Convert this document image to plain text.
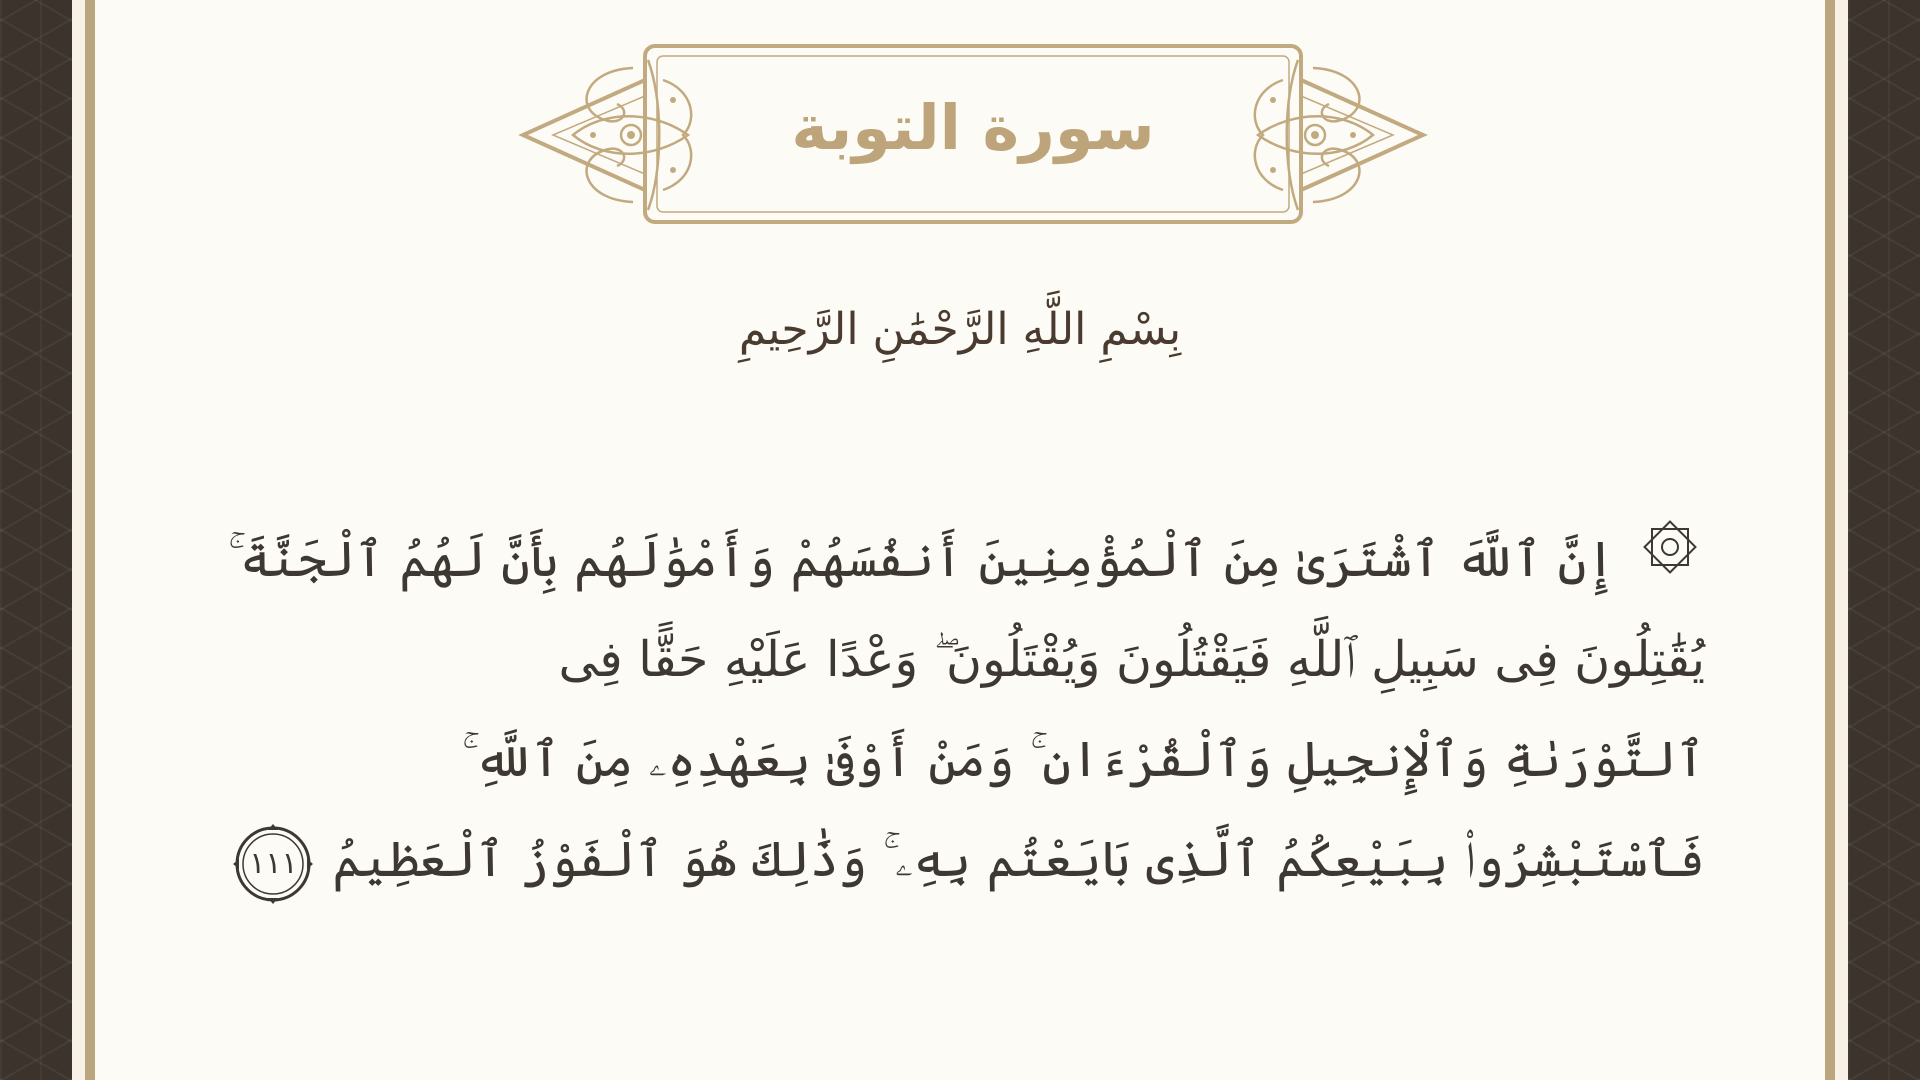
سورة التوبة
بِسْمِ اللَّهِ الرَّحْمَٰنِ الرَّحِيمِ
إِنَّ ٱللَّهَ ٱشْتَرَىٰ مِنَ ٱلْمُؤْمِنِينَ أَنفُسَهُمْ وَأَمْوَٰلَهُم بِأَنَّ لَهُمُ ٱلْجَنَّةَ ۚ
يُقَٰتِلُونَ فِى سَبِيلِ ٱللَّهِ فَيَقْتُلُونَ وَيُقْتَلُونَ ۖ وَعْدًا عَلَيْهِ حَقًّا فِى
ٱلتَّوْرَىٰةِ وَٱلْإِنجِيلِ وَٱلْقُرْءَانِ ۚ وَمَنْ أَوْفَىٰ بِعَهْدِهِۦ مِنَ ٱللَّهِ ۚ
فَٱسْتَبْشِرُوا۟ بِبَيْعِكُمُ ٱلَّذِى بَايَعْتُم بِهِۦ ۚ وَذَٰلِكَ هُوَ ٱلْفَوْزُ ٱلْعَظِيمُ
١١١
